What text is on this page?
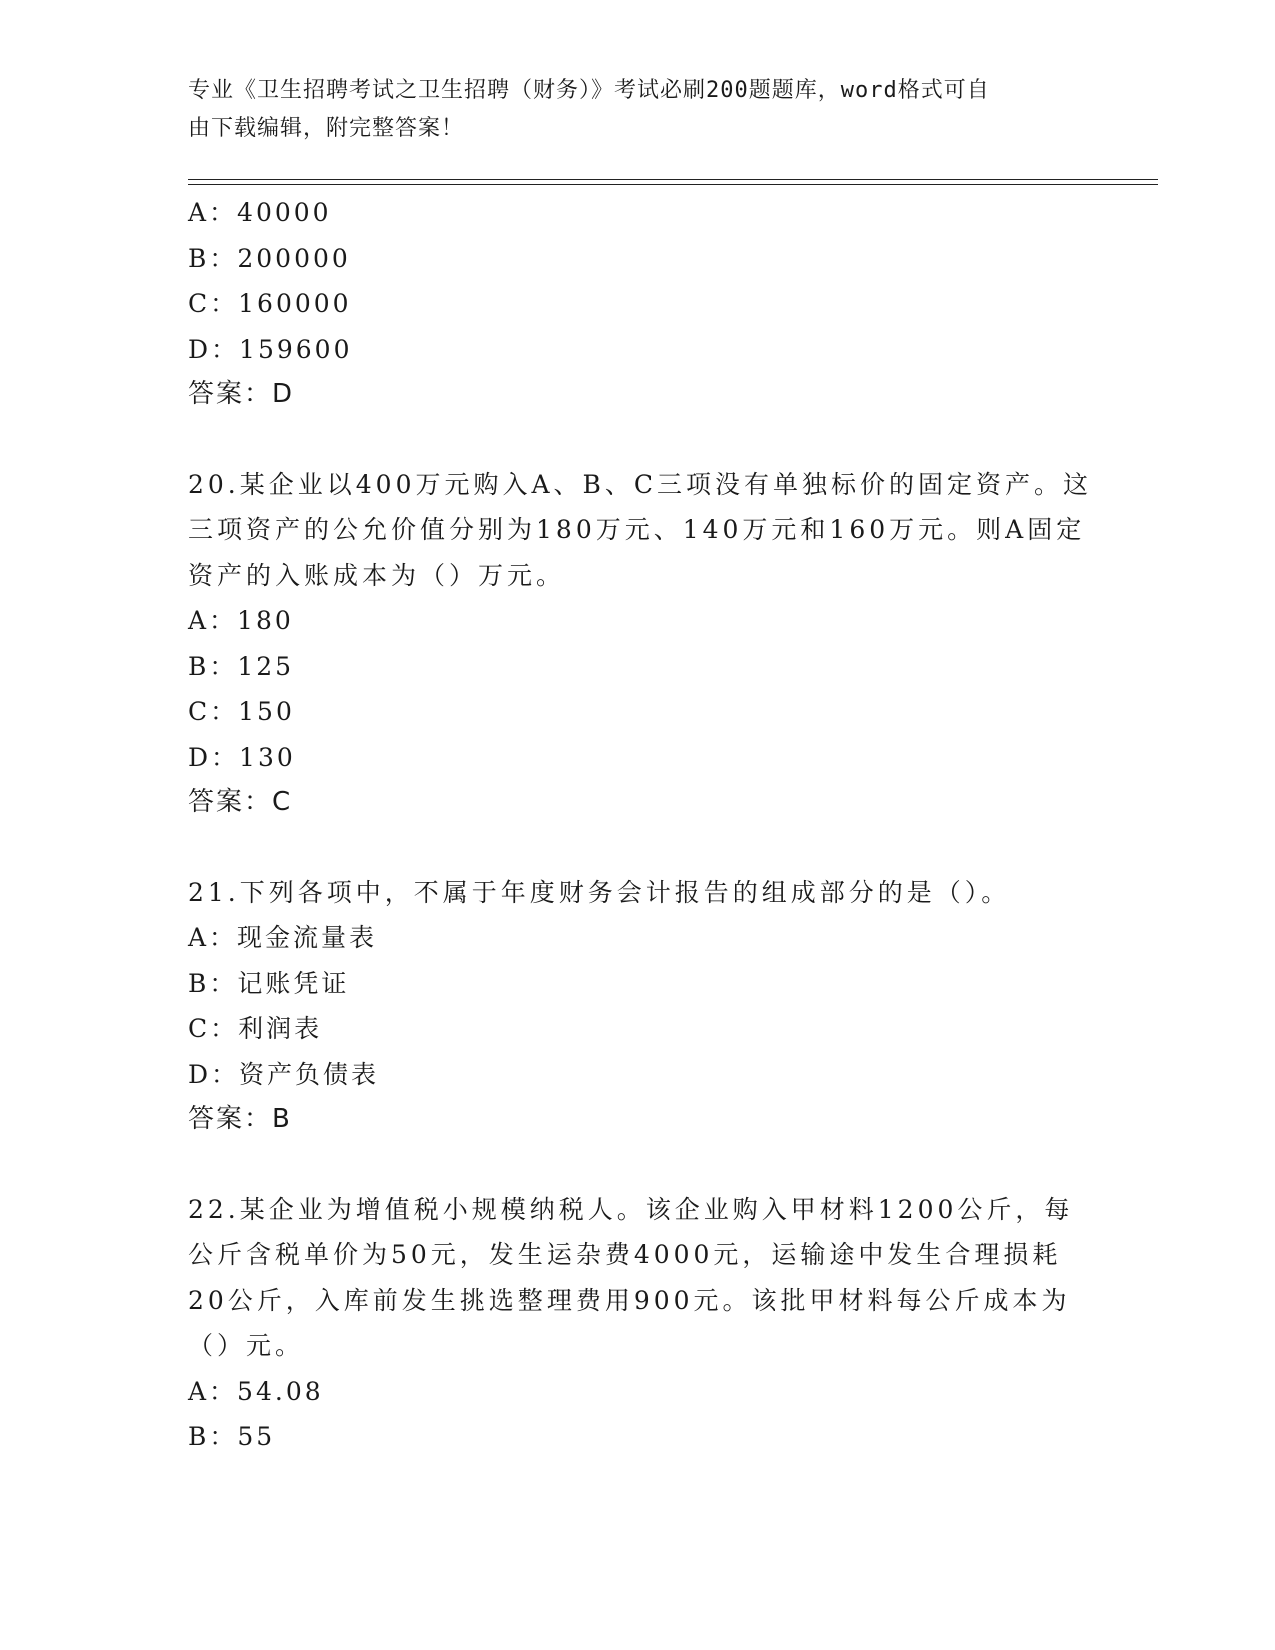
专业《卫生招聘考试之卫生招聘（财务）》考试必刷200题题库，word格式可自
由下载编辑，附完整答案！
A：40000
B：200000
C：160000
D：159600
答案：D
20.某企业以400万元购入A、B、C三项没有单独标价的固定资产。这
三项资产的公允价值分别为180万元、140万元和160万元。则A固定
资产的入账成本为（）万元。
A：180
B：125
C：150
D：130
答案：C
21.下列各项中，不属于年度财务会计报告的组成部分的是（）。
A：现金流量表
B：记账凭证
C：利润表
D：资产负债表
答案：B
22.某企业为增值税小规模纳税人。该企业购入甲材料1200公斤，每
公斤含税单价为50元，发生运杂费4000元，运输途中发生合理损耗
20公斤，入库前发生挑选整理费用900元。该批甲材料每公斤成本为
（）元。
A：54.08
B：55
